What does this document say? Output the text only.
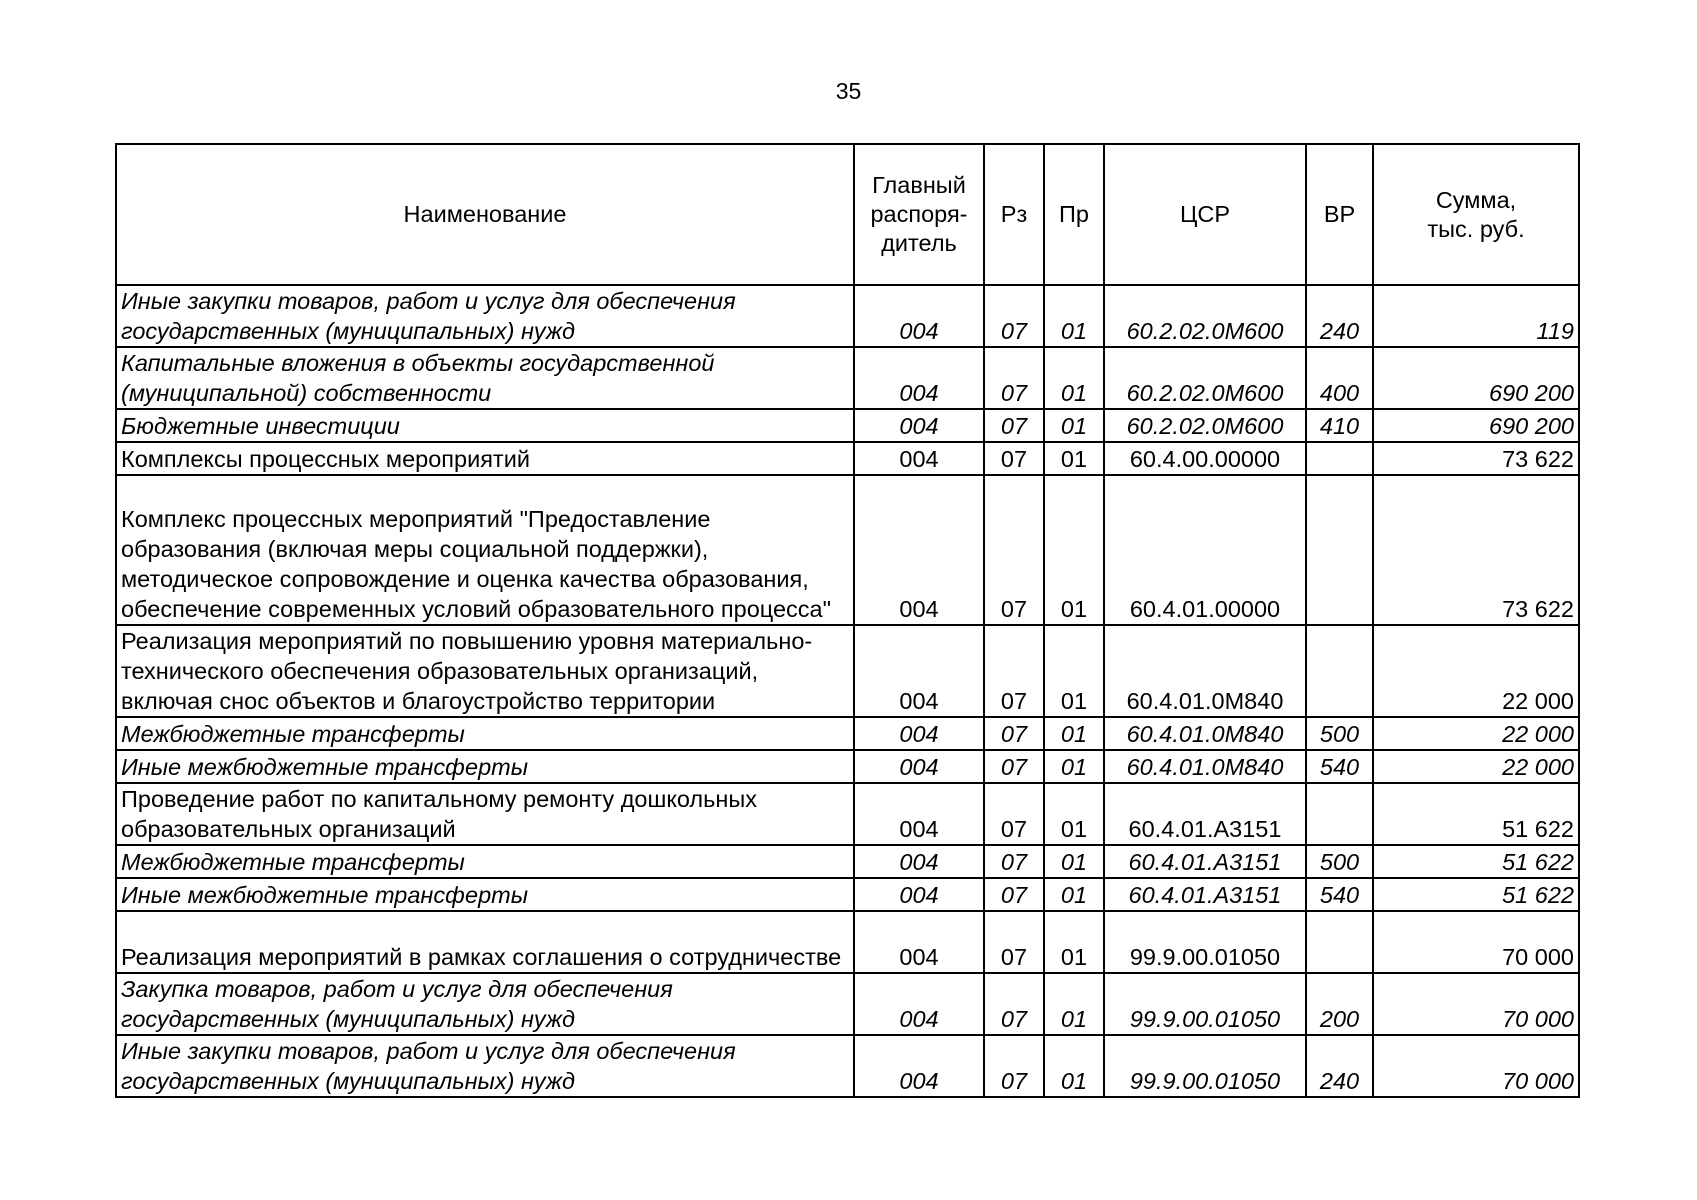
35
Наименование	Главный распоря- дитель	Рз	Пр	ЦСР	ВР	Сумма, тыс. руб.
Иные закупки товаров, работ и услуг для обеспечения государственных (муниципальных) нужд	004	07	01	60.2.02.0М600	240	119
Капитальные вложения в объекты государственной (муниципальной) собственности	004	07	01	60.2.02.0М600	400	690 200
Бюджетные инвестиции	004	07	01	60.2.02.0М600	410	690 200
Комплексы процессных мероприятий	004	07	01	60.4.00.00000		73 622
Комплекс процессных мероприятий "Предоставление образования (включая меры социальной поддержки), методическое сопровождение и оценка качества образования, обеспечение современных условий образовательного процесса"	004	07	01	60.4.01.00000		73 622
Реализация мероприятий по повышению уровня материально-технического обеспечения образовательных организаций, включая снос объектов и благоустройство территории	004	07	01	60.4.01.0М840		22 000
Межбюджетные трансферты	004	07	01	60.4.01.0М840	500	22 000
Иные межбюджетные трансферты	004	07	01	60.4.01.0М840	540	22 000
Проведение работ по капитальному ремонту дошкольных образовательных организаций	004	07	01	60.4.01.А3151		51 622
Межбюджетные трансферты	004	07	01	60.4.01.А3151	500	51 622
Иные межбюджетные трансферты	004	07	01	60.4.01.А3151	540	51 622
Реализация мероприятий в рамках соглашения о сотрудничестве	004	07	01	99.9.00.01050		70 000
Закупка товаров, работ и услуг для обеспечения государственных (муниципальных) нужд	004	07	01	99.9.00.01050	200	70 000
Иные закупки товаров, работ и услуг для обеспечения государственных (муниципальных) нужд	004	07	01	99.9.00.01050	240	70 000
